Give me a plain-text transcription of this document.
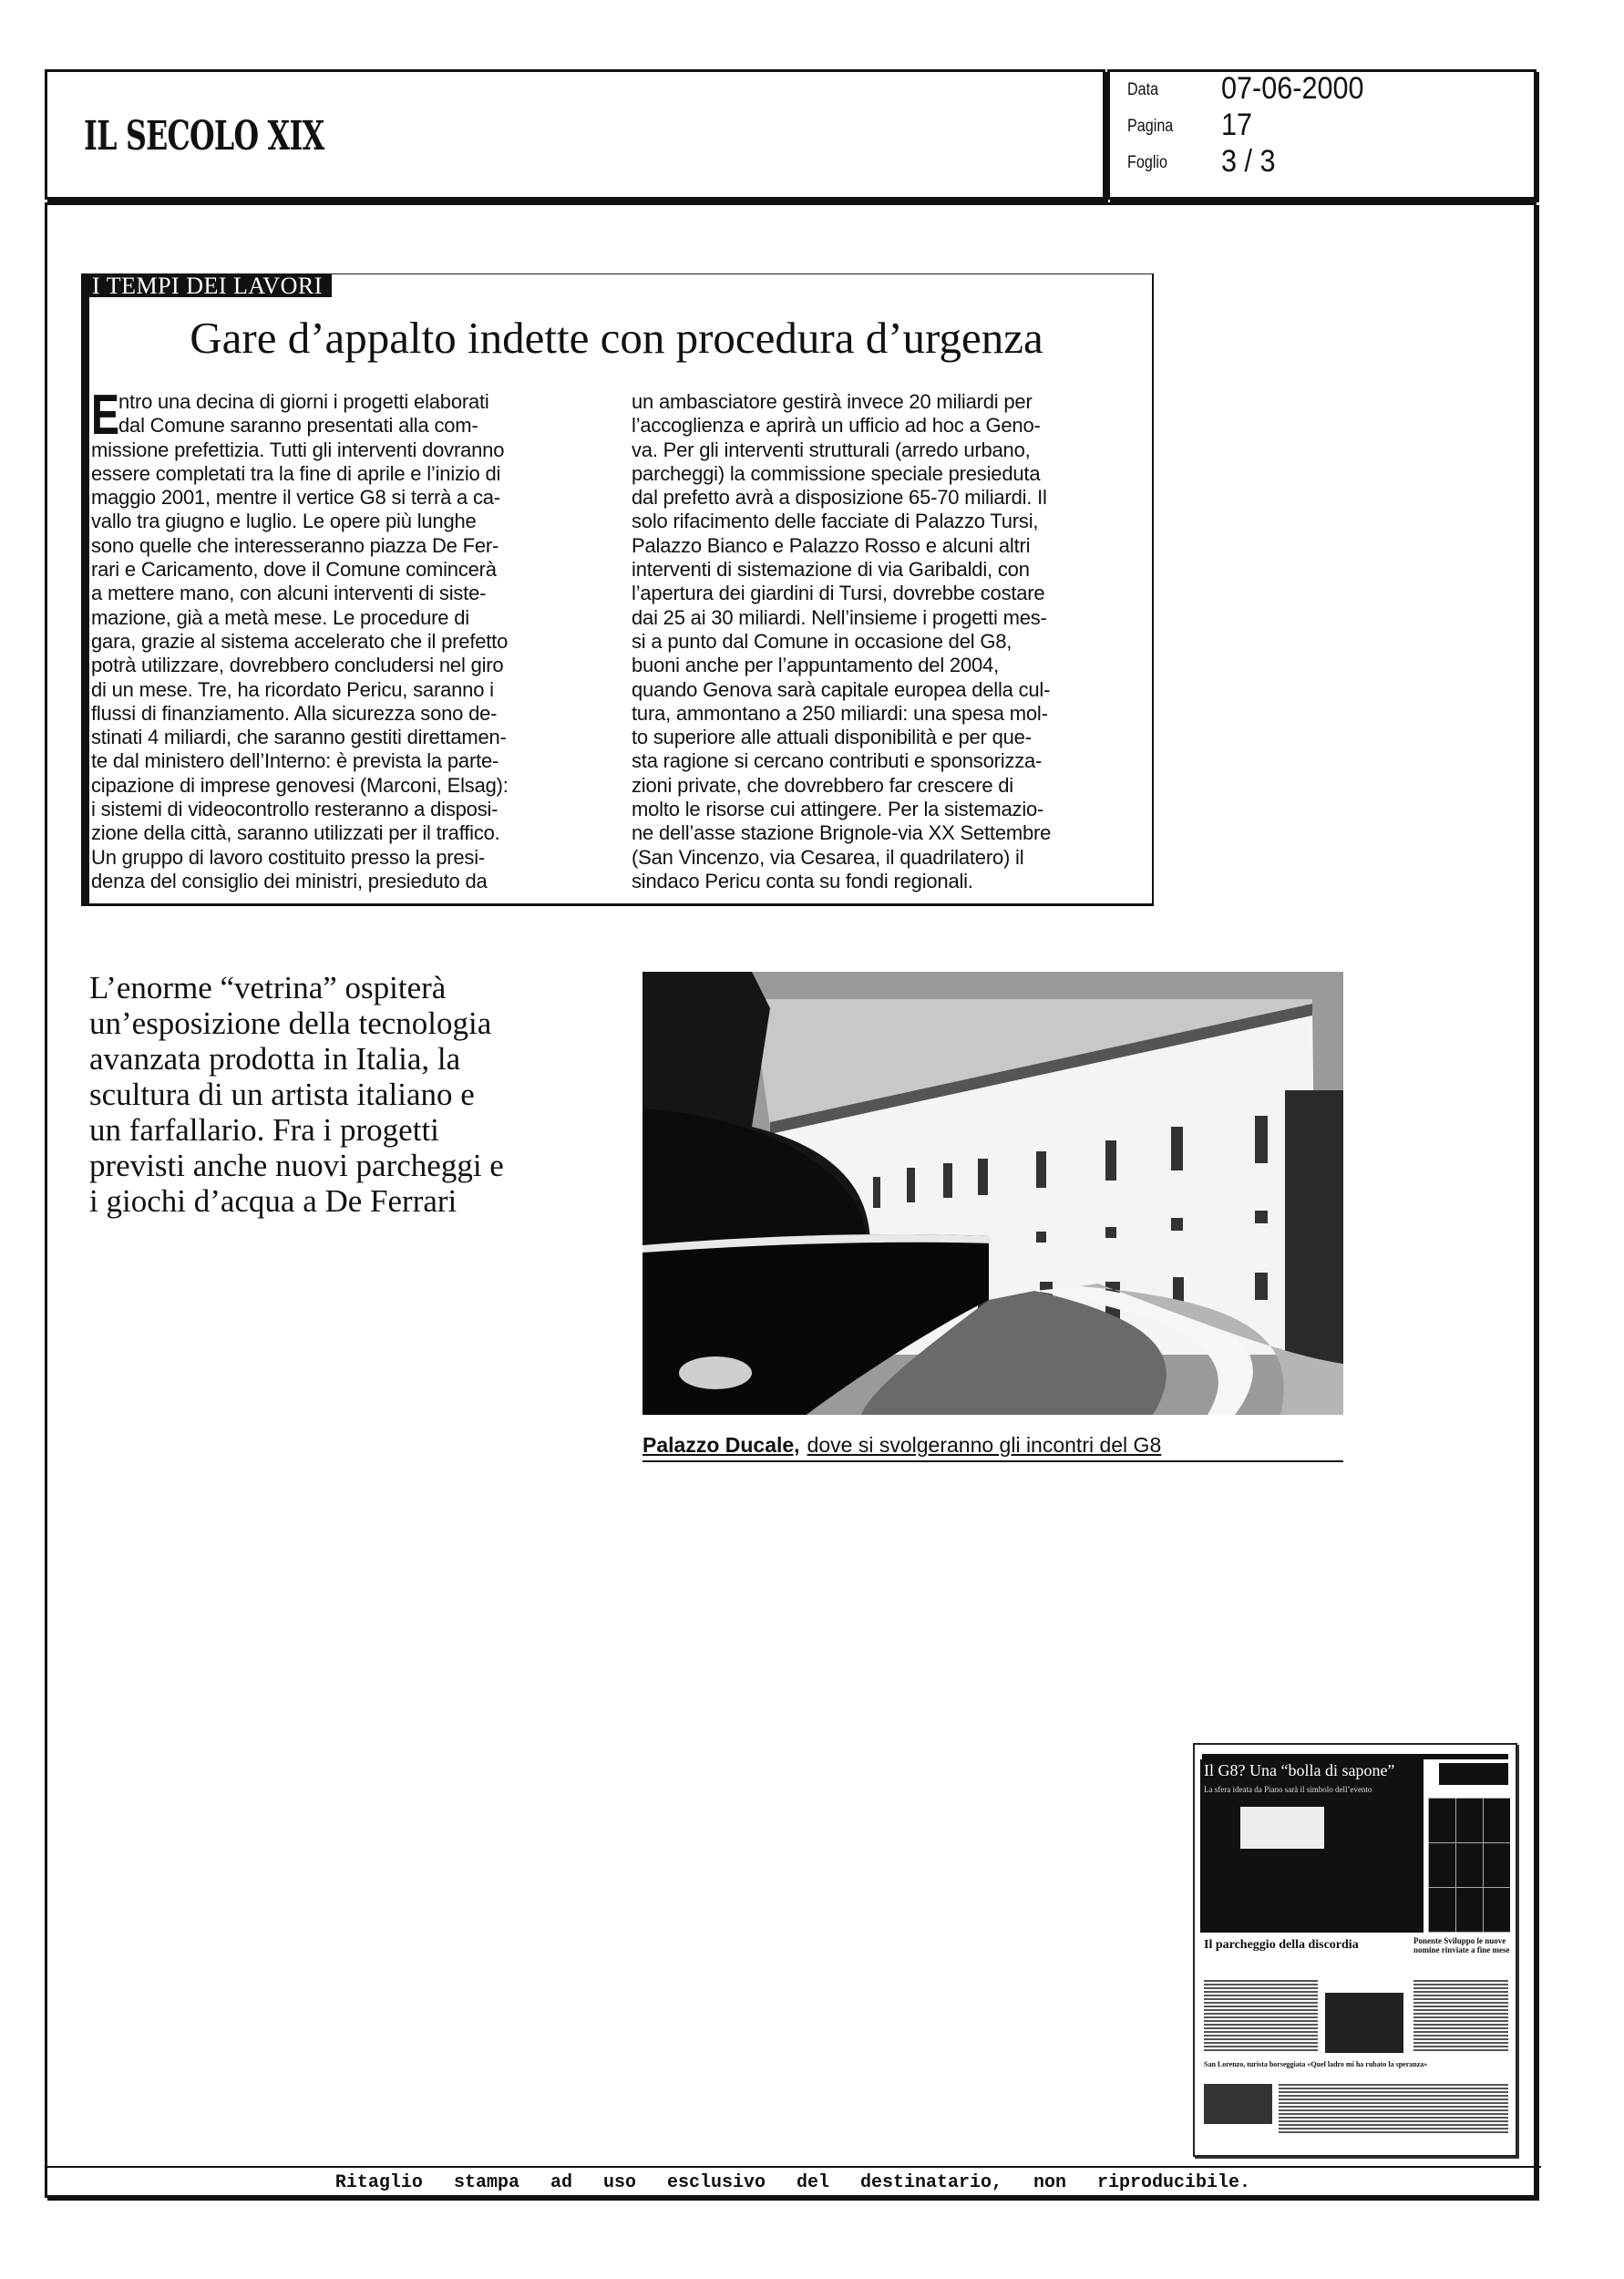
IL SECOLO XIX
Data 07-06-2000
Pagina 17
Foglio 3 / 3
I TEMPI DEI LAVORI
Gare d’appalto indette con procedura d’urgenza
E
ntro una decina di giorni i progetti elaborati
dal Comune saranno presentati alla com-
missione prefettizia. Tutti gli interventi dovranno
essere completati tra la fine di aprile e l’inizio di
maggio 2001, mentre il vertice G8 si terrà a ca-
vallo tra giugno e luglio. Le opere più lunghe
sono quelle che interesseranno piazza De Fer-
rari e Caricamento, dove il Comune comincerà
a mettere mano, con alcuni interventi di siste-
mazione, già a metà mese. Le procedure di
gara, grazie al sistema accelerato che il prefetto
potrà utilizzare, dovrebbero concludersi nel giro
di un mese. Tre, ha ricordato Pericu, saranno i
flussi di finanziamento. Alla sicurezza sono de-
stinati 4 miliardi, che saranno gestiti direttamen-
te dal ministero dell’Interno: è prevista la parte-
cipazione di imprese genovesi (Marconi, Elsag):
i sistemi di videocontrollo resteranno a disposi-
zione della città, saranno utilizzati per il traffico.
Un gruppo di lavoro costituito presso la presi-
denza del consiglio dei ministri, presieduto da
un ambasciatore gestirà invece 20 miliardi per
l’accoglienza e aprirà un ufficio ad hoc a Geno-
va. Per gli interventi strutturali (arredo urbano,
parcheggi) la commissione speciale presieduta
dal prefetto avrà a disposizione 65-70 miliardi. Il
solo rifacimento delle facciate di Palazzo Tursi,
Palazzo Bianco e Palazzo Rosso e alcuni altri
interventi di sistemazione di via Garibaldi, con
l’apertura dei giardini di Tursi, dovrebbe costare
dai 25 ai 30 miliardi. Nell’insieme i progetti mes-
si a punto dal Comune in occasione del G8,
buoni anche per l’appuntamento del 2004,
quando Genova sarà capitale europea della cul-
tura, ammontano a 250 miliardi: una spesa mol-
to superiore alle attuali disponibilità e per que-
sta ragione si cercano contributi e sponsorizza-
zioni private, che dovrebbero far crescere di
molto le risorse cui attingere. Per la sistemazio-
ne dell’asse stazione Brignole-via XX Settembre
(San Vincenzo, via Cesarea, il quadrilatero) il
sindaco Pericu conta su fondi regionali.
L’enorme “vetrina” ospiterà
un’esposizione della tecnologia
avanzata prodotta in Italia, la
scultura di un artista italiano e
un farfallario. Fra i progetti
previsti anche nuovi parcheggi e
i giochi d’acqua a De Ferrari
Palazzo Ducale, dove si svolgeranno gli incontri del G8
Il G8? Una “bolla di sapone”
La sfera ideata da Piano sarà il simbolo dell’evento
Il parcheggio della discordia	Ponente Sviluppo le nuove nomine rinviate a fine mese
San Lorenzo, turista borseggiata «Quel ladro mi ha rubato la speranza»
Ritaglio stampa ad uso esclusivo del destinatario, non riproducibile.
